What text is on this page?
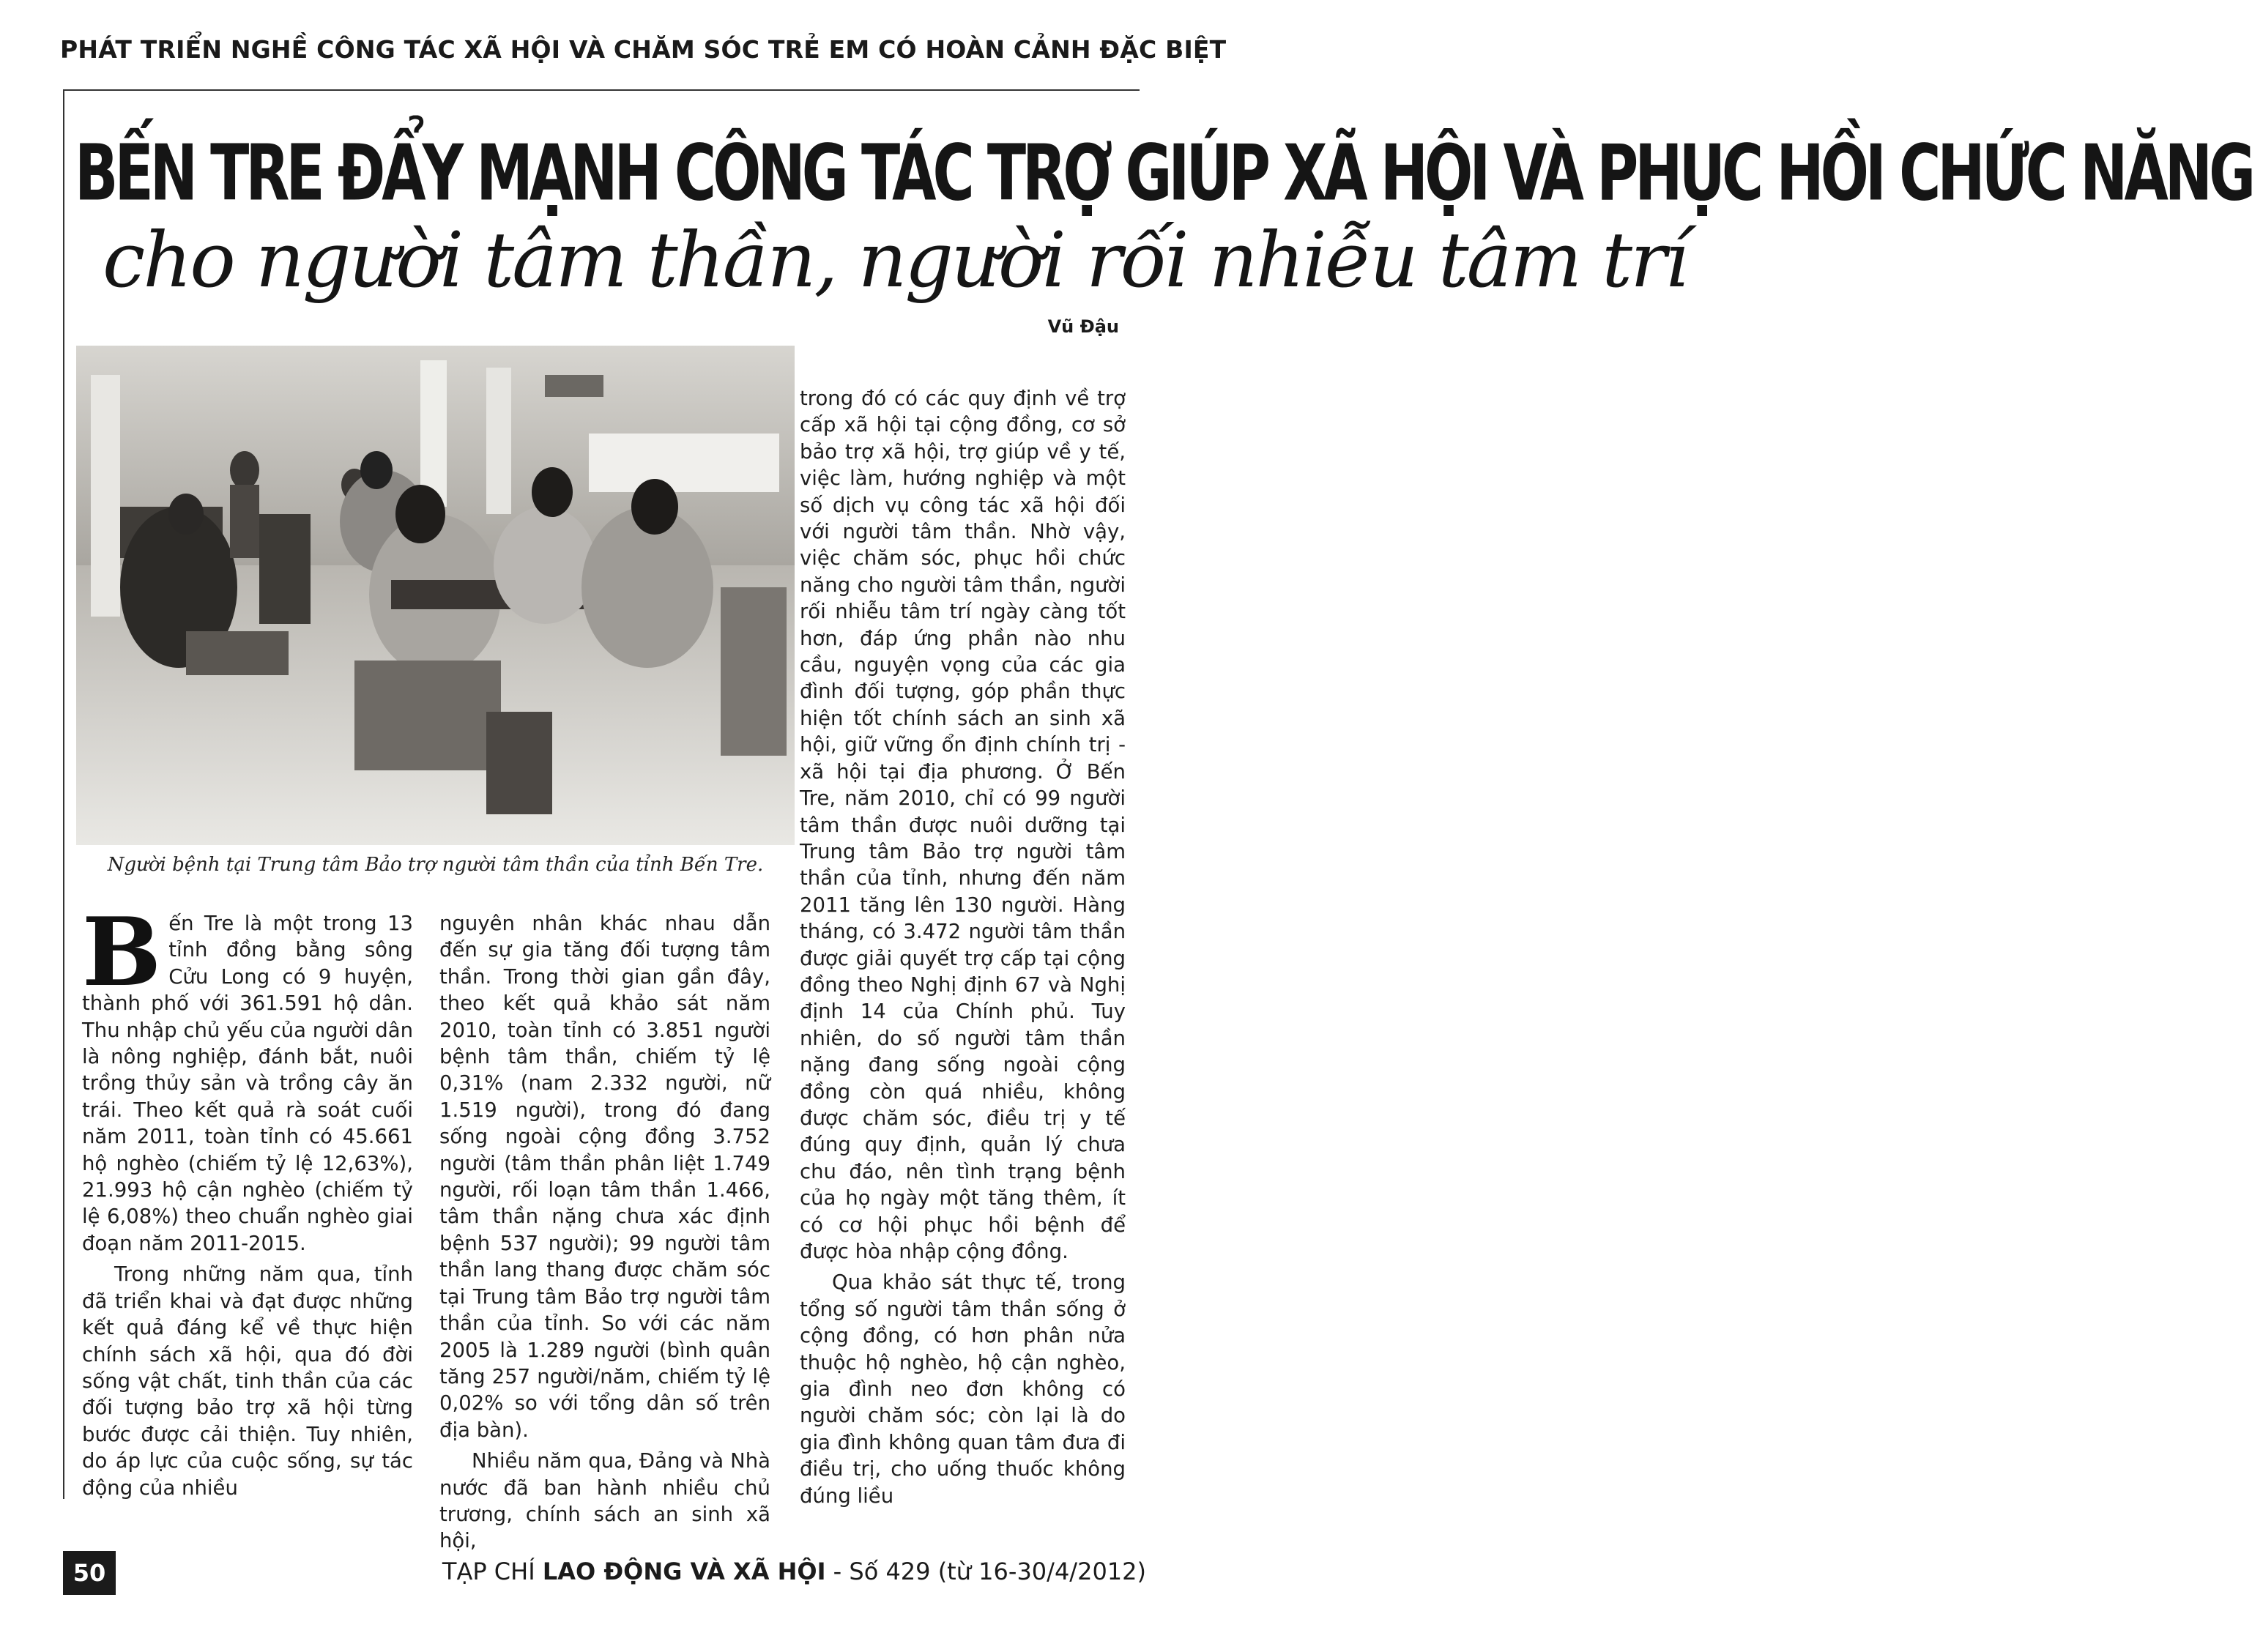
PHÁT TRIỂN NGHỀ CÔNG TÁC XÃ HỘI VÀ CHĂM SÓC TRẺ EM CÓ HOÀN CẢNH ĐẶC BIỆT
BẾN TRE ĐẨY MẠNH CÔNG TÁC TRỢ GIÚP XÃ HỘI VÀ PHỤC HỒI CHỨC NĂNG
cho người tâm thần, người rối nhiễu tâm trí
Vũ Đậu
Người bệnh tại Trung tâm Bảo trợ người tâm thần của tỉnh Bến Tre.

Bến Tre là một trong 13 tỉnh đồng bằng sông Cửu Long có 9 huyện, thành phố với 361.591 hộ dân. Thu nhập chủ yếu của người dân là nông nghiệp, đánh bắt, nuôi trồng thủy sản và trồng cây ăn trái. Theo kết quả rà soát cuối năm 2011, toàn tỉnh có 45.661 hộ nghèo (chiếm tỷ lệ 12,63%), 21.993 hộ cận nghèo (chiếm tỷ lệ 6,08%) theo chuẩn nghèo giai đoạn năm 2011-2015.

Trong những năm qua, tỉnh đã triển khai và đạt được những kết quả đáng kể về thực hiện chính sách xã hội, qua đó đời sống vật chất, tinh thần của các đối tượng bảo trợ xã hội từng bước được cải thiện. Tuy nhiên, do áp lực của cuộc sống, sự tác động của nhiều

nguyên nhân khác nhau dẫn đến sự gia tăng đối tượng tâm thần. Trong thời gian gần đây, theo kết quả khảo sát năm 2010, toàn tỉnh có 3.851 người bệnh tâm thần, chiếm tỷ lệ 0,31% (nam 2.332 người, nữ 1.519 người), trong đó đang sống ngoài cộng đồng 3.752 người (tâm thần phân liệt 1.749 người, rối loạn tâm thần 1.466, tâm thần nặng chưa xác định bệnh 537 người); 99 người tâm thần lang thang được chăm sóc tại Trung tâm Bảo trợ người tâm thần của tỉnh. So với các năm 2005 là 1.289 người (bình quân tăng 257 người/năm, chiếm tỷ lệ 0,02% so với tổng dân số trên địa bàn).

Nhiều năm qua, Đảng và Nhà nước đã ban hành nhiều chủ trương, chính sách an sinh xã hội,

trong đó có các quy định về trợ cấp xã hội tại cộng đồng, cơ sở bảo trợ xã hội, trợ giúp về y tế, việc làm, hướng nghiệp và một số dịch vụ công tác xã hội đối với người tâm thần. Nhờ vậy, việc chăm sóc, phục hồi chức năng cho người tâm thần, người rối nhiễu tâm trí ngày càng tốt hơn, đáp ứng phần nào nhu cầu, nguyện vọng của các gia đình đối tượng, góp phần thực hiện tốt chính sách an sinh xã hội, giữ vững ổn định chính trị - xã hội tại địa phương. Ở Bến Tre, năm 2010, chỉ có 99 người tâm thần được nuôi dưỡng tại Trung tâm Bảo trợ người tâm thần của tỉnh, nhưng đến năm 2011 tăng lên 130 người. Hàng tháng, có 3.472 người tâm thần được giải quyết trợ cấp tại cộng đồng theo Nghị định 67 và Nghị định 14 của Chính phủ. Tuy nhiên, do số người tâm thần nặng đang sống ngoài cộng đồng còn quá nhiều, không được chăm sóc, điều trị y tế đúng quy định, quản lý chưa chu đáo, nên tình trạng bệnh của họ ngày một tăng thêm, ít có cơ hội phục hồi bệnh để được hòa nhập cộng đồng.

Qua khảo sát thực tế, trong tổng số người tâm thần sống ở cộng đồng, có hơn phân nửa thuộc hộ nghèo, hộ cận nghèo, gia đình neo đơn không có người chăm sóc; còn lại là do gia đình không quan tâm đưa đi điều trị, cho uống thuốc không đúng liều

50	TẠP CHÍ LAO ĐỘNG VÀ XÃ HỘI - Số 429 (từ 16-30/4/2012)
